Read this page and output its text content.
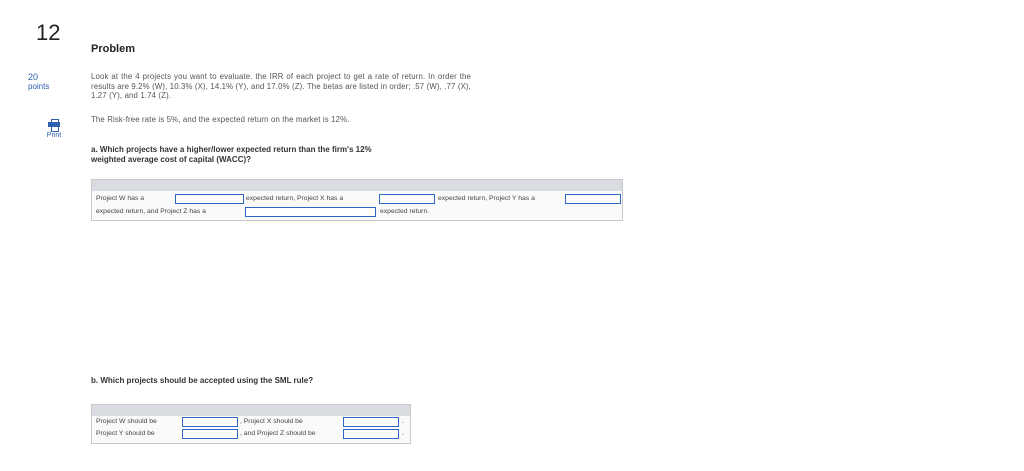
12
20
points
Print
Problem
Look at the 4 projects you want to evaluate. the IRR of each project to get a rate of return. In order the results are 9.2% (W), 10.3% (X), 14.1% (Y), and 17.0% (Z). The betas are listed in order; .57 (W), .77 (X), 1.27 (Y), and 1.74 (Z).
The Risk-free rate is 5%, and the expected return on the market is 12%.
a. Which projects have a higher/lower expected return than the firm's 12% weighted average cost of capital (WACC)?
Project W has a	expected return, Project X has a	expected return, Project Y has a
expected return, and Project Z has a	expected return.
b. Which projects should be accepted using the SML rule?
Project W should be	, Project X should be	.
Project Y should be	, and Project Z should be	.
